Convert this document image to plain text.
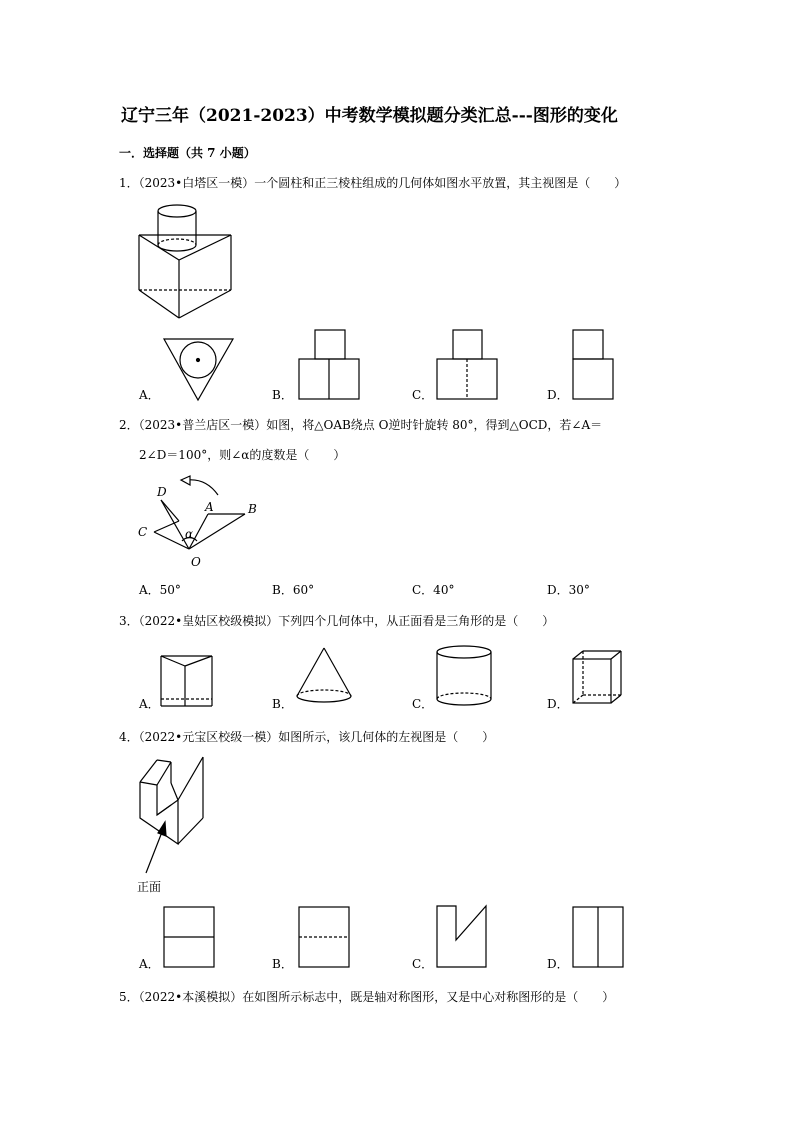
辽宁三年（2021-2023）中考数学模拟题分类汇总---图形的变化
一．选择题（共 7 小题）
1．（2023•白塔区一模）一个圆柱和正三棱柱组成的几何体如图水平放置，其主视图是（　　）
A．	B．	C．	D．
2．（2023•普兰店区一模）如图，将△OAB绕点 O逆时针旋转 80°，得到△OCD，若∠A＝
2∠D＝100°，则∠α的度数是（　　）
D
A	B
C	α
O
A．50°	B．60°	C．40°	D．30°
3．（2022•皇姑区校级模拟）下列四个几何体中，从正面看是三角形的是（　　）
A．	B．	C．	D．
4．（2022•元宝区校级一模）如图所示，该几何体的左视图是（　　）
正面
A．	B．	C．	D．
5．（2022•本溪模拟）在如图所示标志中，既是轴对称图形，又是中心对称图形的是（　　）
